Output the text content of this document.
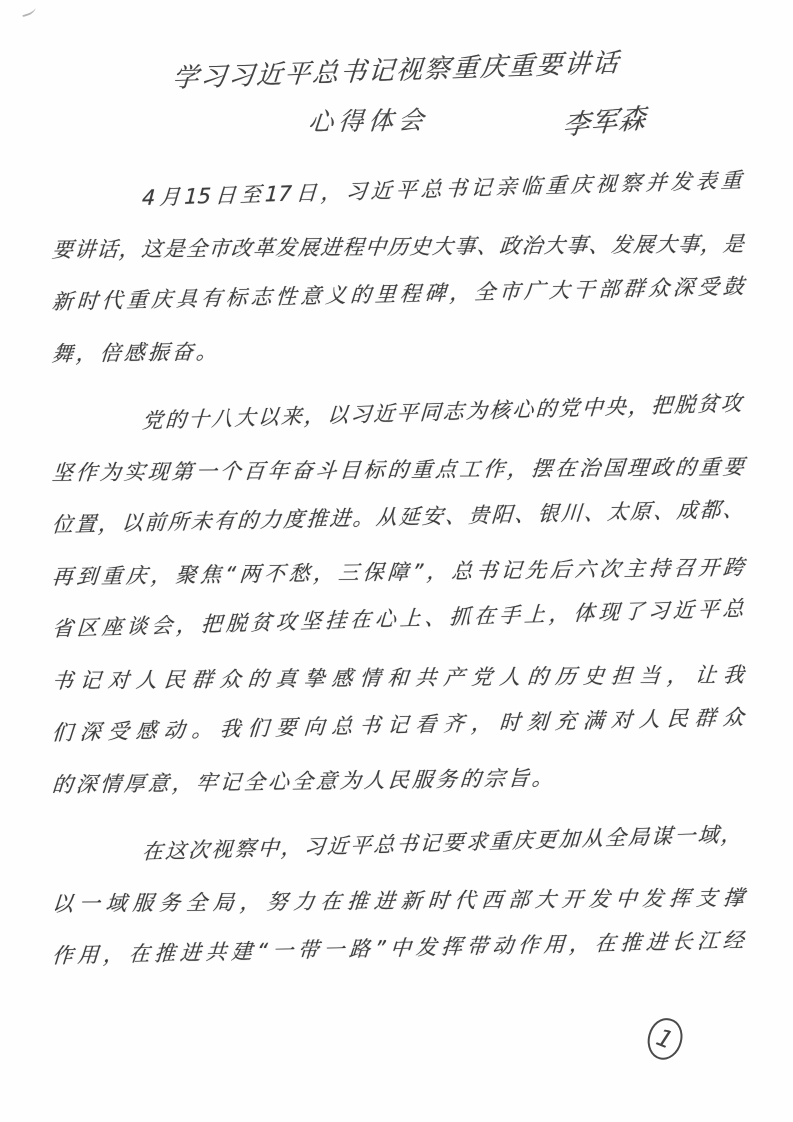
学习习近平总书记视察重庆重要讲话
心得体会	李军森
4月15日至17日，习近平总书记亲临重庆视察并发表重
要讲话，这是全市改革发展进程中历史大事、政治大事、发展大事，是
新时代重庆具有标志性意义的里程碑，全市广大干部群众深受鼓
舞，倍感振奋。
党的十八大以来，以习近平同志为核心的党中央，把脱贫攻
坚作为实现第一个百年奋斗目标的重点工作，摆在治国理政的重要
位置，以前所未有的力度推进。从延安、贵阳、银川、太原、成都、
再到重庆，聚焦“两不愁，三保障”，总书记先后六次主持召开跨
省区座谈会，把脱贫攻坚挂在心上、抓在手上，体现了习近平总
书记对人民群众的真挚感情和共产党人的历史担当，让我
们深受感动。我们要向总书记看齐，时刻充满对人民群众
的深情厚意，牢记全心全意为人民服务的宗旨。
在这次视察中，习近平总书记要求重庆更加从全局谋一域，
以一域服务全局，努力在推进新时代西部大开发中发挥支撑
作用，在推进共建“一带一路”中发挥带动作用，在推进长江经
1
